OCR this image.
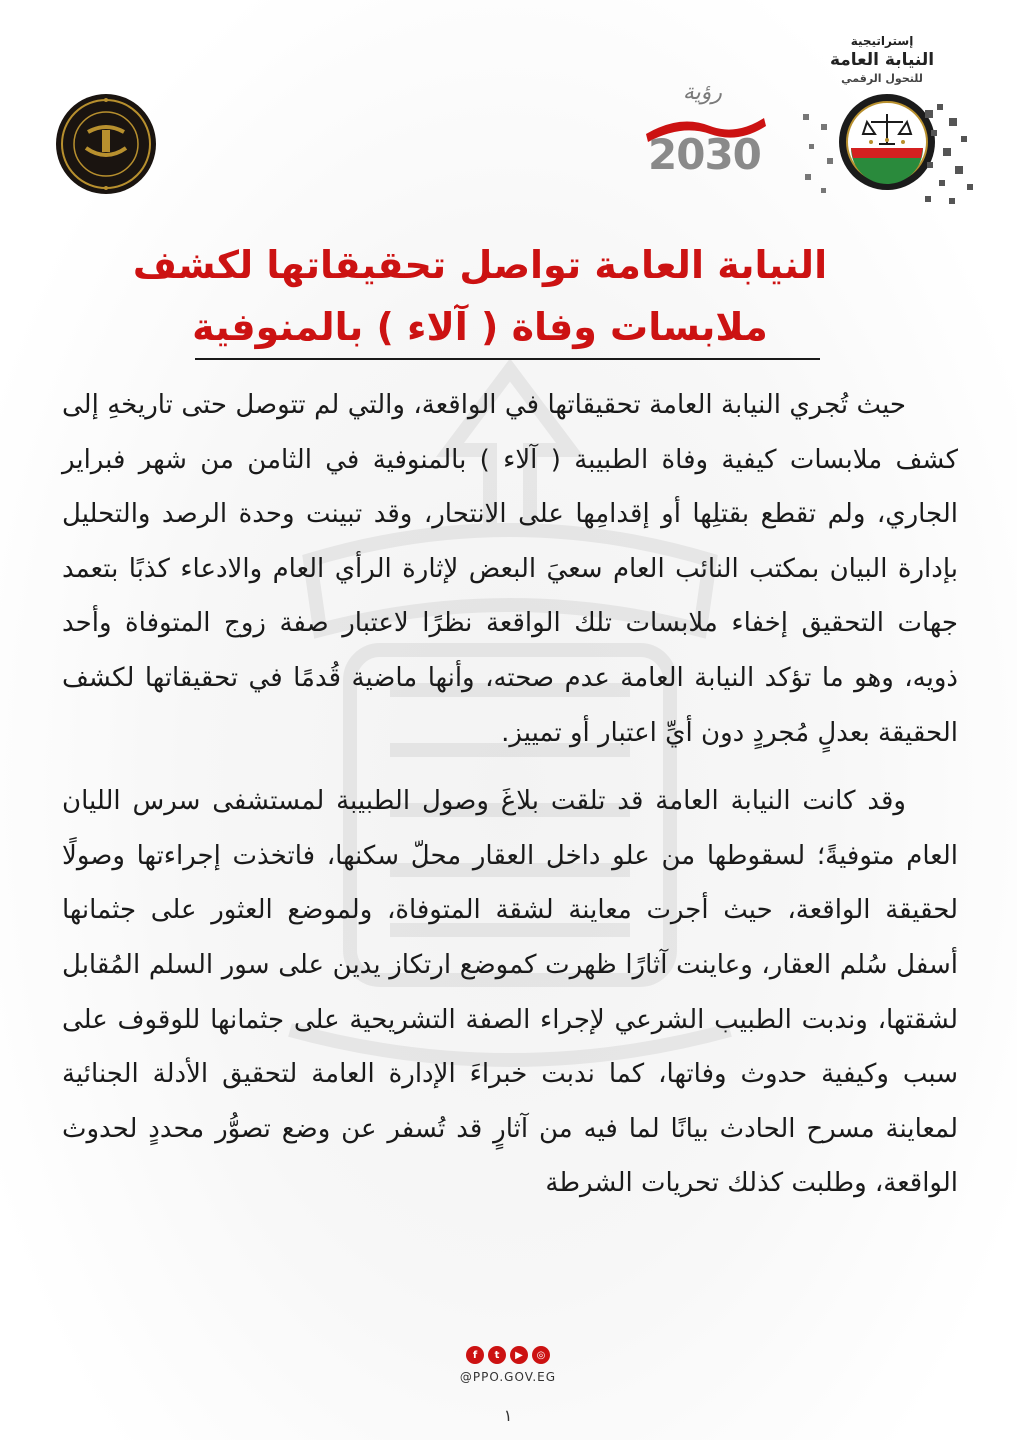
إستراتيجية
النيابة العامة
للتحول الرقمي
رؤية
2030
النيابة العامة تواصل تحقيقاتها لكشف
ملابسات وفاة ( آلاء ) بالمنوفية

حيث تُجري النيابة العامة تحقيقاتها في الواقعة، والتي لم تتوصل حتى تاريخهِ إلى كشف ملابسات كيفية وفاة الطبيبة ( آلاء ) بالمنوفية في الثامن من شهر فبراير الجاري، ولم تقطع بقتلِها أو إقدامِها على الانتحار، وقد تبينت وحدة الرصد والتحليل بإدارة البيان بمكتب النائب العام سعيَ البعض لإثارة الرأي العام والادعاء كذبًا بتعمد جهات التحقيق إخفاء ملابسات تلك الواقعة نظرًا لاعتبار صفة زوج المتوفاة وأحد ذويه، وهو ما تؤكد النيابة العامة عدم صحته، وأنها ماضية قُدمًا في تحقيقاتها لكشف الحقيقة بعدلٍ مُجردٍ دون أيِّ اعتبار أو تمييز.

وقد كانت النيابة العامة قد تلقت بلاغَ وصول الطبيبة لمستشفى سرس الليان العام متوفيةً؛ لسقوطها من علو داخل العقار محلّ سكنها، فاتخذت إجراءتها وصولًا لحقيقة الواقعة، حيث أجرت معاينة لشقة المتوفاة، ولموضع العثور على جثمانها أسفل سُلم العقار، وعاينت آثارًا ظهرت كموضع ارتكاز يدين على سور السلم المُقابل لشقتها، وندبت الطبيب الشرعي لإجراء الصفة التشريحية على جثمانها للوقوف على سبب وكيفية حدوث وفاتها، كما ندبت خبراءَ الإدارة العامة لتحقيق الأدلة الجنائية لمعاينة مسرح الحادث بيانًا لما فيه من آثارٍ قد تُسفر عن وضع تصوُّر محددٍ لحدوث الواقعة، وطلبت كذلك تحريات الشرطة

f	t	▶	◎
@PPO.GOV.EG
١
